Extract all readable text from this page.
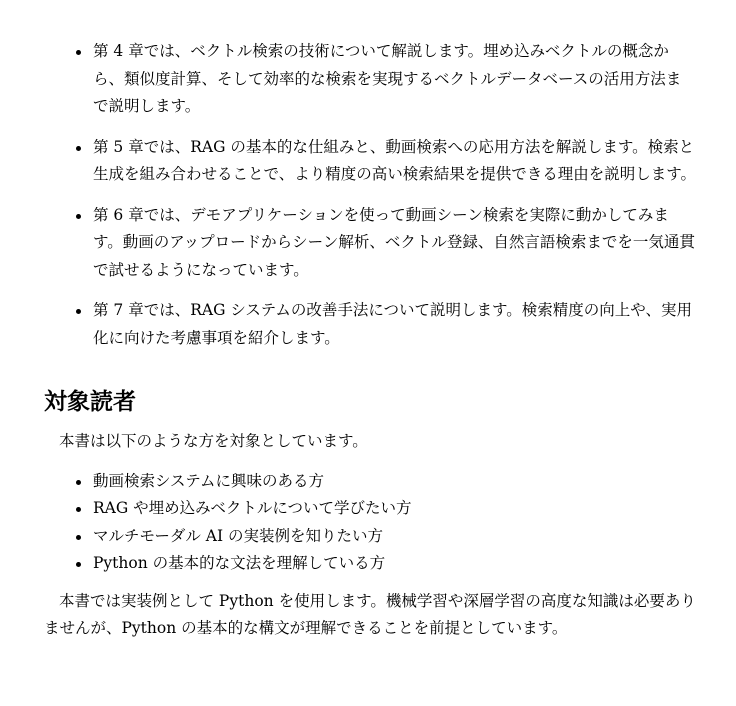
第 4 章では、ベクトル検索の技術について解説します。埋め込みベクトルの概念から、類似度計算、そして効率的な検索を実現するベクトルデータベースの活用方法まで説明します。
第 5 章では、RAG の基本的な仕組みと、動画検索への応用方法を解説します。検索と生成を組み合わせることで、より精度の高い検索結果を提供できる理由を説明します。
第 6 章では、デモアプリケーションを使って動画シーン検索を実際に動かしてみます。動画のアップロードからシーン解析、ベクトル登録、自然言語検索までを一気通貫で試せるようになっています。
第 7 章では、RAG システムの改善手法について説明します。検索精度の向上や、実用化に向けた考慮事項を紹介します。
対象読者

本書は以下のような方を対象としています。

動画検索システムに興味のある方
RAG や埋め込みベクトルについて学びたい方
マルチモーダル AI の実装例を知りたい方
Python の基本的な文法を理解している方

本書では実装例として Python を使用します。機械学習や深層学習の高度な知識は必要ありませんが、Python の基本的な構文が理解できることを前提としています。
